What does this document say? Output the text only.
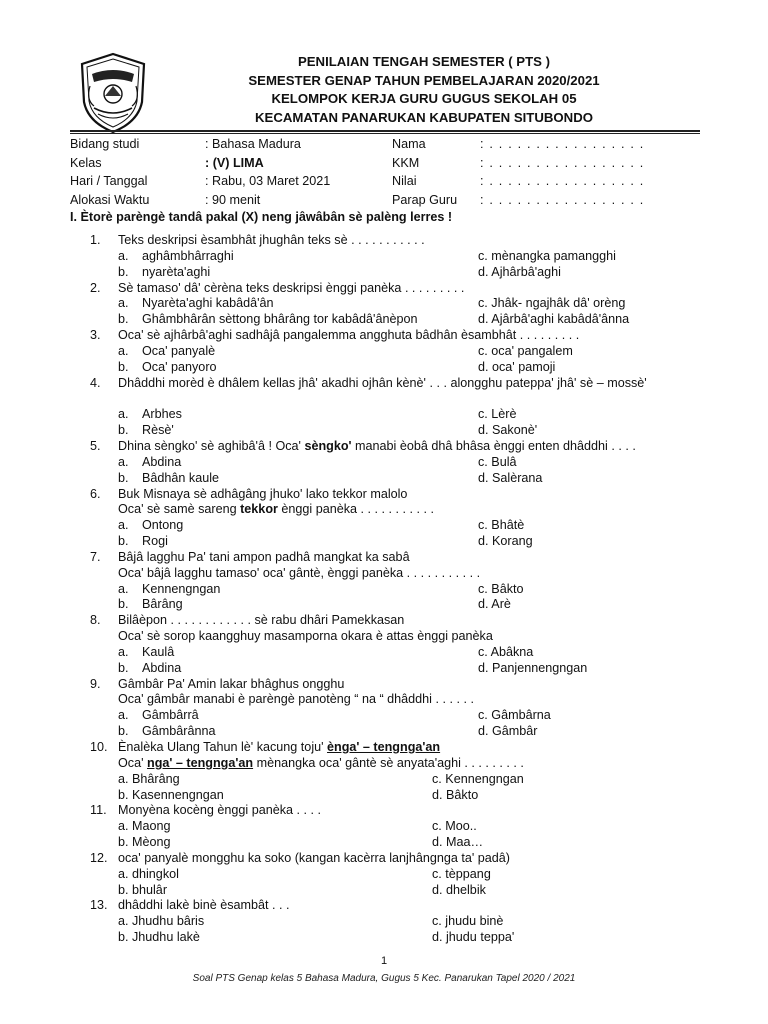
PENILAIAN TENGAH SEMESTER ( PTS )
SEMESTER GENAP TAHUN PEMBELAJARAN 2020/2021
KELOMPOK KERJA GURU GUGUS SEKOLAH 05
KECAMATAN PANARUKAN KABUPATEN SITUBONDO
Bidang studi	: Bahasa Madura	Nama	: . . . . . . . . . . . . . . . . .
Kelas	: (V) LIMA	KKM	: . . . . . . . . . . . . . . . . .
Hari / Tanggal	: Rabu, 03 Maret 2021	Nilai	: . . . . . . . . . . . . . . . . .
Alokasi Waktu	: 90 menit	Parap Guru : . . . . . . . . . . . . . . . . .
I. Ètorè parèngè tandâ pakal (X) neng jâwâbân sè palèng lerres !
1. Teks deskripsi èsambhât jhughân teks sè . . . . . . . . . . .
a. aghâmbhârraghi	c. mènangka pamangghi
b. nyarèta'aghi	d. Ajhârbâ'aghi
2. Sè tamaso' dâ' cèrèna teks deskripsi ènggi panèka . . . . . . . . .
a. Nyarèta'aghi kabâdâ'ân	c. Jhâk- ngajhâk dâ' orèng
b. Ghâmbhârân sèttong bhârâng tor kabâdâ'ânèpon	d. Ajârbâ'aghi kabâdâ'ânna
3. Oca' sè ajhârbâ'aghi sadhâjâ pangalemma angghuta bâdhân èsambhât . . . . . . . . .
a. Oca' panyalè	c. oca' pangalem
b. Oca' panyoro	d. oca' pamoji
4. Dhâddhi morèd è dhâlem kellas jhâ' akadhi ojhân kènè' . . . alongghu pateppa' jhâ' sè – mossè'
a. Arbhes	c. Lèrè
b. Rèsè'	d. Sakonè'
5. Dhina sèngko' sè aghibâ'â ! Oca' sèngko' manabi èobâ dhâ bhâsa ènggi enten dhâddhi . . . .
a. Abdina	c. Bulâ
b. Bâdhân kaule	d. Salèrana
6. Buk Misnaya sè adhâgâng jhuko' lako tekkor malolo
Oca' sè samè sareng tekkor ènggi panèka . . . . . . . . . . .
a. Ontong	c. Bhâtè
b. Rogi	d. Korang
7. Bâjâ lagghu Pa' tani ampon padhâ mangkat ka sabâ
Oca' bâjâ lagghu tamaso' oca' gântè, ènggi panèka . . . . . . . . . . .
a. Kennengngan	c. Bâkto
b. Bârâng	d. Arè
8. Bilâèpon . . . . . . . . . . . . sè rabu dhâri Pamekkasan
Oca' sè sorop kaangghuy masamporna okara è attas ènggi panèka
a. Kaulâ	c. Abâkna
b. Abdina	d. Panjennengngan
9. Gâmbâr Pa' Amin lakar bhâghus ongghu
Oca' gâmbâr manabi è parèngè panotèng “ na “ dhâddhi . . . . . .
a. Gâmbârrâ	c. Gâmbârna
b. Gâmbârânna	d. Gâmbâr
10. Ènalèka Ulang Tahun lè' kacung toju' ènga' – tengnga'an
Oca' nga' – tengnga'an mènangka oca' gântè sè anyata'aghi . . . . . . . . .
a. Bhârâng	c. Kennengngan
b. Kasennengngan	d. Bâkto
11. Monyèna kocèng ènggi panèka . . . .
a. Maong	c. Moo..
b. Mèong	d. Maa…
12. oca' panyalè mongghu ka soko (kangan kacèrra lanjhângnga ta' padâ)
a. dhingkol	c. tèppang
b. bhulâr	d. dhelbik
13. dhâddhi lakè binè èsambât . . .
a. Jhudhu bâris	c. jhudu binè
b. Jhudhu lakè	d. jhudu teppa'
1
Soal PTS Genap kelas 5 Bahasa Madura, Gugus 5 Kec. Panarukan Tapel 2020 / 2021
